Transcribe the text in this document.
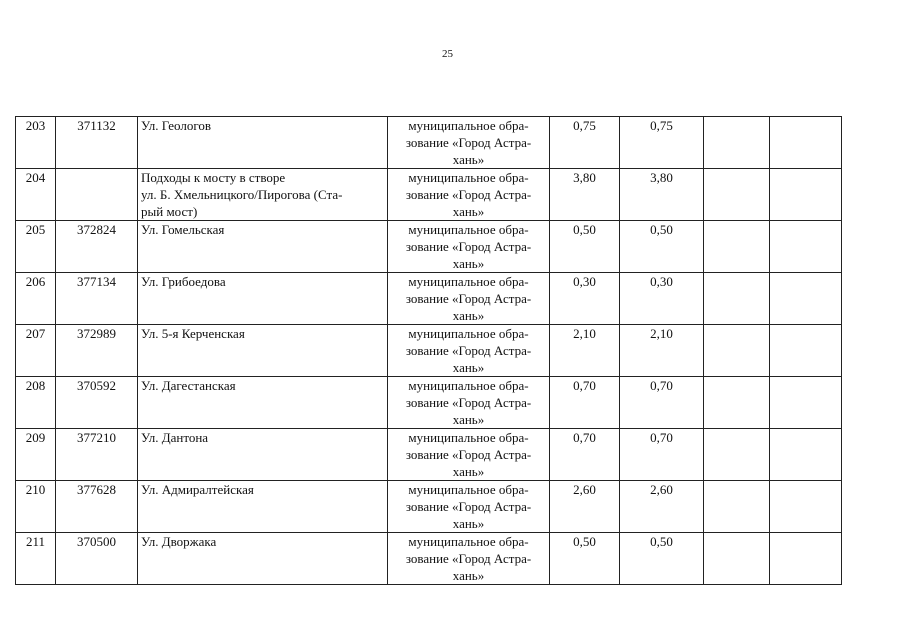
25
203	371132	Ул. Геологов	муниципальное обра-
зование «Город Астра-
хань»	0,75	0,75		
204		Подходы к мосту в створе
ул. Б. Хмельницкого/Пирогова (Ста-
рый мост)	муниципальное обра-
зование «Город Астра-
хань»	3,80	3,80		
205	372824	Ул. Гомельская	муниципальное обра-
зование «Город Астра-
хань»	0,50	0,50		
206	377134	Ул. Грибоедова	муниципальное обра-
зование «Город Астра-
хань»	0,30	0,30		
207	372989	Ул. 5-я Керченская	муниципальное обра-
зование «Город Астра-
хань»	2,10	2,10		
208	370592	Ул. Дагестанская	муниципальное обра-
зование «Город Астра-
хань»	0,70	0,70		
209	377210	Ул. Дантона	муниципальное обра-
зование «Город Астра-
хань»	0,70	0,70		
210	377628	Ул. Адмиралтейская	муниципальное обра-
зование «Город Астра-
хань»	2,60	2,60		
211	370500	Ул. Дворжака	муниципальное обра-
зование «Город Астра-
хань»	0,50	0,50		
